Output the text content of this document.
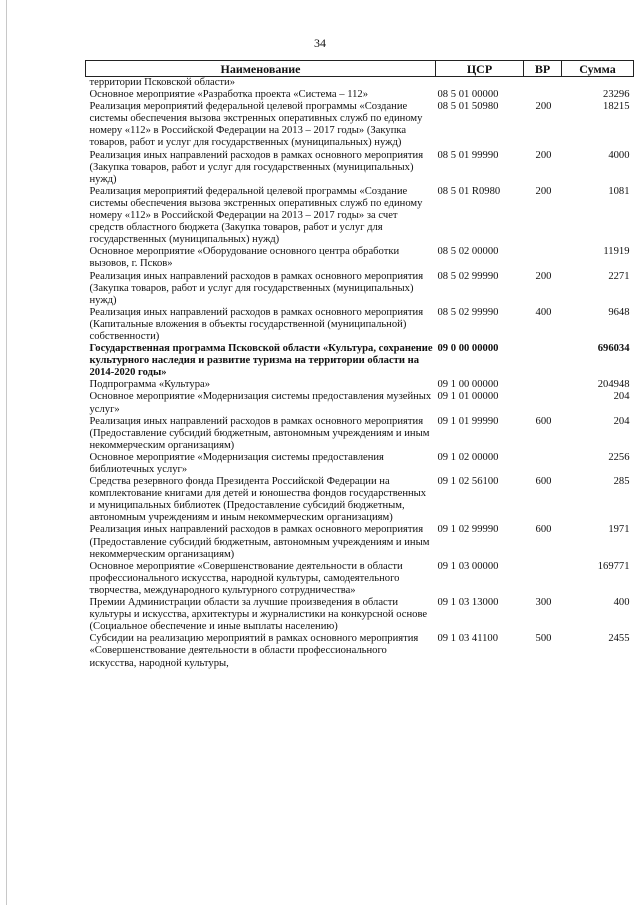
34
Наименование	ЦСР	ВР	Сумма
территории Псковской области»			
Основное мероприятие «Разработка проекта «Система – 112»	08 5 01 00000		23296
Реализация мероприятий федеральной целевой программы «Создание системы обеспечения вызова экстренных оперативных служб по единому номеру «112» в Российской Федерации на 2013 – 2017 годы» (Закупка товаров, работ и услуг для государственных (муниципальных) нужд)	08 5 01 50980	200	18215
Реализация иных направлений расходов в рамках основного мероприятия (Закупка товаров, работ и услуг для государственных (муниципальных) нужд)	08 5 01 99990	200	4000
Реализация мероприятий федеральной целевой программы «Создание системы обеспечения вызова экстренных оперативных служб по единому номеру «112» в Российской Федерации на 2013 – 2017 годы» за счет средств областного бюджета (Закупка товаров, работ и услуг для государственных (муниципальных) нужд)	08 5 01 R0980	200	1081
Основное мероприятие «Оборудование основного центра обработки вызовов, г. Псков»	08 5 02 00000		11919
Реализация иных направлений расходов в рамках основного мероприятия (Закупка товаров, работ и услуг для государственных (муниципальных) нужд)	08 5 02 99990	200	2271
Реализация иных направлений расходов в рамках основного мероприятия (Капитальные вложения в объекты государственной (муниципальной) собственности)	08 5 02 99990	400	9648
Государственная программа Псковской области «Культура, сохранение культурного наследия и развитие туризма на территории области на 2014-2020 годы»	09 0 00 00000		696034
Подпрограмма «Культура»	09 1 00 00000		204948
Основное мероприятие «Модернизация системы предоставления музейных услуг»	09 1 01 00000		204
Реализация иных направлений расходов в рамках основного мероприятия (Предоставление субсидий бюджетным, автономным учреждениям и иным некоммерческим организациям)	09 1 01 99990	600	204
Основное мероприятие «Модернизация системы предоставления библиотечных услуг»	09 1 02 00000		2256
Средства резервного фонда Президента Российской Федерации на комплектование книгами для детей и юношества фондов государственных и муниципальных библиотек (Предоставление субсидий бюджетным, автономным учреждениям и иным некоммерческим организациям)	09 1 02 56100	600	285
Реализация иных направлений расходов в рамках основного мероприятия (Предоставление субсидий бюджетным, автономным учреждениям и иным некоммерческим организациям)	09 1 02 99990	600	1971
Основное мероприятие «Совершенствование деятельности в области профессионального искусства, народной культуры, самодеятельного творчества, международного культурного сотрудничества»	09 1 03 00000		169771
Премии Администрации области за лучшие произведения в области культуры и искусства, архитектуры и журналистики на конкурсной основе (Социальное обеспечение и иные выплаты населению)	09 1 03 13000	300	400
Субсидии на реализацию мероприятий в рамках основного мероприятия «Совершенствование деятельности в области профессионального искусства, народной культуры,	09 1 03 41100	500	2455
